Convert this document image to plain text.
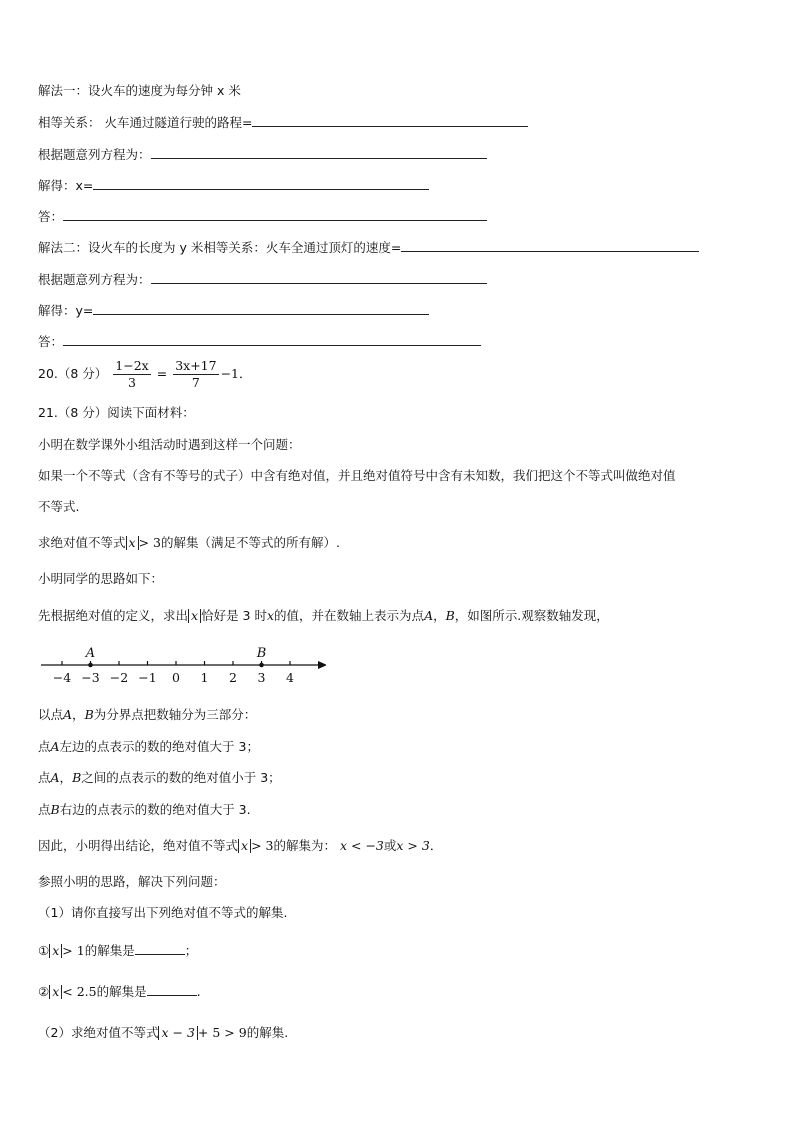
解法一：设火车的速度为每分钟 x 米
相等关系： 火车通过隧道行驶的路程=
根据题意列方程为：
解得：x=
答：
解法二：设火车的长度为 y 米相等关系：火车全通过顶灯的速度=
根据题意列方程为：
解得：y=
答：
20.（8 分） $\frac{1-2x}{3} = \frac{3x+17}{7} -1$．
21.（8 分）阅读下面材料：
小明在数学课外小组活动时遇到这样一个问题：
如果一个不等式（含有不等号的式子）中含有绝对值，并且绝对值符号中含有未知数，我们把这个不等式叫做绝对值
不等式.
求绝对值不等式 x > 3的解集（满足不等式的所有解）.
小明同学的思路如下：
先根据绝对值的定义，求出 x 恰好是 3 时x的值，并在数轴上表示为点A，B，如图所示.观察数轴发现，
−4 −3 −2 −1 0 1 2 3 4
A	B
以点A，B为分界点把数轴分为三部分：
点A左边的点表示的数的绝对值大于 3；
点A，B之间的点表示的数的绝对值小于 3；
点B右边的点表示的数的绝对值大于 3.
因此，小明得出结论，绝对值不等式 x > 3的解集为： x < −3或x > 3．
参照小明的思路，解决下列问题：
（1）请你直接写出下列绝对值不等式的解集.
① x > 1的解集是	；
② x < 2.5的解集是	.
（2）求绝对值不等式 x − 3 + 5 > 9的解集.
